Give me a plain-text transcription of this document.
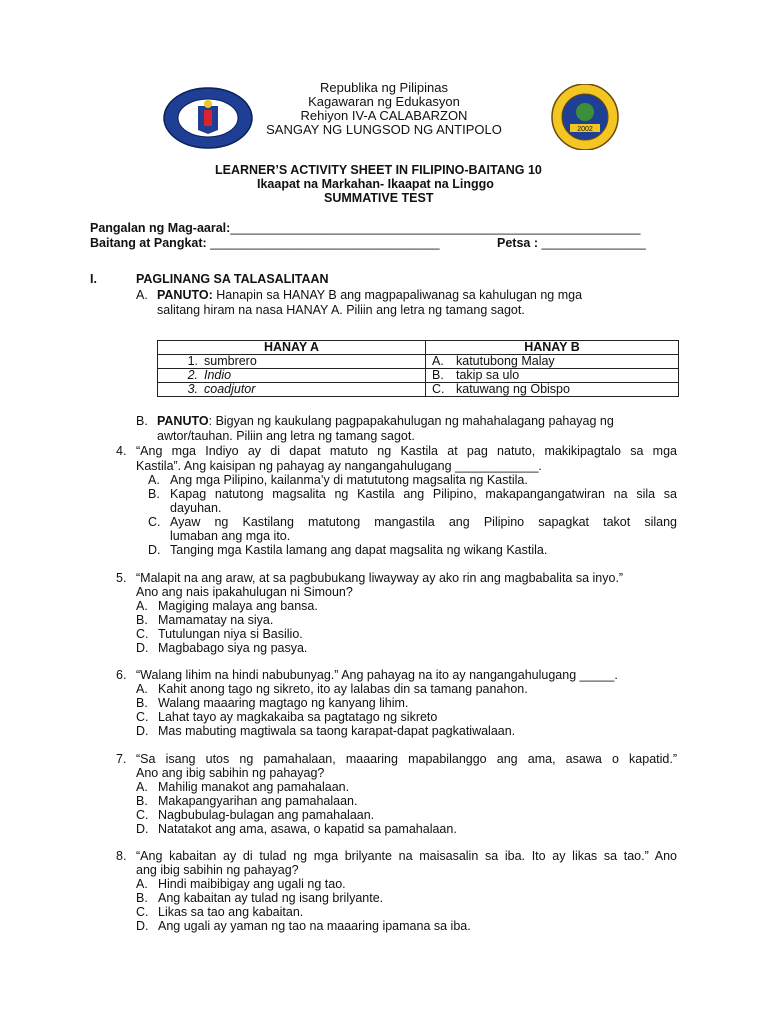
2002
Republika ng Pilipinas
Kagawaran ng Edukasyon
Rehiyon IV-A CALABARZON
SANGAY NG LUNGSOD NG ANTIPOLO
LEARNER’S ACTIVITY SHEET IN FILIPINO-BAITANG 10
Ikaapat na Markahan- Ikaapat na Linggo
SUMMATIVE TEST
Pangalan ng Mag-aaral:___________________________________________________________
Baitang at Pangkat: _________________________________	Petsa : _______________
I.	PAGLINANG SA TALASALITAAN
A. PANUTO: Hanapin sa HANAY B ang magpapaliwanag sa kahulugan ng mga
salitang hiram na nasa HANAY A. Piliin ang letra ng tamang sagot.
HANAY A	HANAY B
1. sumbrero	A. katutubong Malay
2. Indio	B. takip sa ulo
3. coadjutor	C. katuwang ng Obispo
B. PANUTO: Bigyan ng kaukulang pagpapakahulugan ng mahahalagang pahayag ng
awtor/tauhan. Piliin ang letra ng tamang sagot.
4. “Ang mga Indiyo ay di dapat matuto ng Kastila at pag natuto, makikipagtalo sa mga
Kastila”. Ang kaisipan ng pahayag ay nangangahulugang ____________.
A. Ang mga Pilipino, kailanma’y di matututong magsalita ng Kastila.
B. Kapag natutong magsalita ng Kastila ang Pilipino, makapangangatwiran na sila sa
dayuhan.
C. Ayaw ng Kastilang matutong mangastila ang Pilipino sapagkat takot silang
lumaban ang mga ito.
D. Tanging mga Kastila lamang ang dapat magsalita ng wikang Kastila.
5. “Malapit na ang araw, at sa pagbubukang liwayway ay ako rin ang magbabalita sa inyo.”
Ano ang nais ipakahulugan ni Simoun?
A. Magiging malaya ang bansa.
B. Mamamatay na siya.
C. Tutulungan niya si Basilio.
D. Magbabago siya ng pasya.
6. “Walang lihim na hindi nabubunyag.” Ang pahayag na ito ay nangangahulugang _____.
A. Kahit anong tago ng sikreto, ito ay lalabas din sa tamang panahon.
B. Walang maaaring magtago ng kanyang lihim.
C. Lahat tayo ay magkakaiba sa pagtatago ng sikreto
D. Mas mabuting magtiwala sa taong karapat-dapat pagkatiwalaan.
7. “Sa isang utos ng pamahalaan, maaaring mapabilanggo ang ama, asawa o kapatid.”
Ano ang ibig sabihin ng pahayag?
A. Mahilig manakot ang pamahalaan.
B. Makapangyarihan ang pamahalaan.
C. Nagbubulag-bulagan ang pamahalaan.
D. Natatakot ang ama, asawa, o kapatid sa pamahalaan.
8. “Ang kabaitan ay di tulad ng mga brilyante na maisasalin sa iba. Ito ay likas sa tao.” Ano
ang ibig sabihin ng pahayag?
A. Hindi maibibigay ang ugali ng tao.
B. Ang kabaitan ay tulad ng isang brilyante.
C. Likas sa tao ang kabaitan.
D. Ang ugali ay yaman ng tao na maaaring ipamana sa iba.
